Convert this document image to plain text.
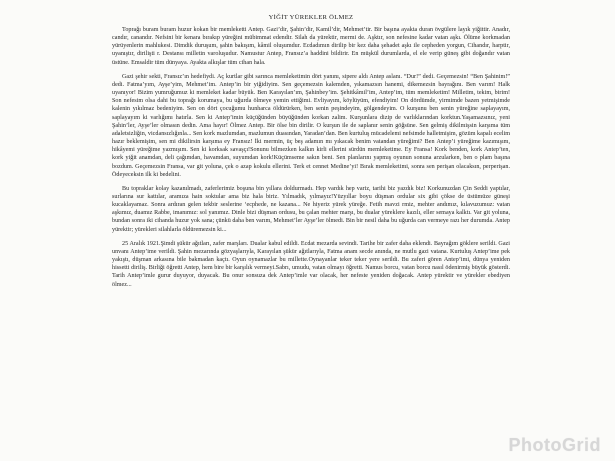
YİĞİT YÜREKLER ÖLMEZ

Toprağı buram buram huzur kokan bir memleketti Antep. Gazi’dir, Şahin’dir, Kamil’dir, Mehmet’tir. Bir başına ayakta duran övgülere layık yiğittir. Anadır, candır, canandır. Nefsini bir kenara bırakıp yüreğini mübimmat edendir. Silah da yürektir, mermi de. Aşktır, son nefesine kadar vatan aşkı. Ölüme korkmadan yürüyenlerin mahlukesi. Dimdik duruşum, şahin bakışım, kâmil oluşumdur. Ecdadımın dirilip bir kez daha şehadet aşkı ile cepheden yorgun, Cihandır, harptir, uyanıştır, dirilişti r. Destansı milletin varoluşudur. Namustur Antep, Fransız’a haddini bildirir. En müşkül durumlarda, el ele verip güneş gibi doğandır vatan üstüne. Emsaldir tüm dünyaya. Ayakta alkışlar tüm cihan hala.

Gazi şehir sekti, Fransız’ın hedefiydi. Aç kurtlar gibi sarınca memleketimin dört yanını, sipere aldı Antep aslanı. “Dur!” dedi. Geçemezsin! “Ben Şahinim!” dedi. Fatma’yım, Ayşe’yim, Mehmet’im. Antep’in bir yiğidiyim. Sen geçemezsin kalemden, yıkamazsın hanemi, dikemezsin bayrağını. Ben varım! Halk uyanıyor! Bizim yumruğumuz ki memleket kadar büyük. Ben Karayılan’ım, Şahinbey’im. Şehitkâmil’im, Antep’im, tüm memleketim! Milletim, tekim, birim! Son nefesim olsa dahi bu toprağı korumaya, bu uğurda ölmeye yemin ettiğimi. Evliyayım, köylüyüm, efendiyim! On dördümde, yirmimde bazen yetmişimde kalenin yıkılmaz bedeniyim. Sen on dört çocuğumu hunharca öldürürken, ben senin peşindeyim, gölgendeyim. O kurşunu ben senin yüreğine saplayayım, saplayayım ki varlığımı hatırla. Sen ki Antep’imin küçüğünden büyüğünden korkan zalim. Kurşunlara dizip de varlıklarından korktun.Yaşamazsınız, yeni Şahin’ler, Ayşe’ler olmasın dedin. Ama hayır! Ölmez Antep. Bir ölse bin dirilir. O kurşun ile de saplanır senin göğsüne. Sen gelmiş dikilmişsin karşıma tüm adaletsizliğin, vicdansızlığınla... Sen kork mazlumdan, mazlumun duasından, Yaradan’dan. Ben kurtuluş mücadelemi nefsimde halletmişim, gözüm kapalı ecelim hazır beklemişim, sen mi dikilirsin karşıma ey Fransız! İki mermin, üç beş adamın mı yıkacak benim vatandan yüreğimi? Ben Antep’i yüreğime kazımışım, hikâyemi yüreğime yazmışım. Sen ki korksak savaşçı!Sonunu bilmezken kalkın kirli ellerini sürdün memleketime. Ey Fransa! Kork benden, kork Antep’ten, kork yiğit anamdan, deli çağımdan, havamdan, suyumdan kork!Küçümseme sakın beni. Sen planlarını yapmış oyunun sonuna arzularken, ben o plam başına bozdum. Geçemezsin Fransa, var git yoluna, çek o azap kokulu ellerini. Terk et cennet Medine’yi! Bırak memleketimi, sonra sen perişan olacaksın, perperişan. Ödeyeceksin ilk ki bedelini.

Bu topraklar kolay kazanılmadı, zaferlerimiz boşuna bin yıllara doldurmadı. Hep vardık hep variz, tarihi biz yazdık biz! Korkunuzdan Çin Seddi yaptılar, surlarına sur kattılar, aramıza hain soktular ama biz hala biriz. Yılmadık, yılmayız!Yüzyıllar boyu düşman ordular six gibi çökse de üstümüze güneşi kucaklayamaz. Sonra ardıran gelen tekbir seslerine ‘ecphede, ne kazana... Ne hiyeriz yürek yüreğe. Fetih mavzi rmiz, mehter andımız, kılavuzumuz: vatan aşkımız, duamız Rabbe, imanımız: sol yanımız. Dinle bizi düşman ordusu, bu çalan mehter marşı, bu dualar yüreklere kazılı, eller semaya kalktı. Var git yoluna, bundan sonra iki cihanda huzur yok sana; çünkü daha ben varım, Mehmet’ler Ayşe’ler ölmedi. Bin bir nesil daha bu uğurda can vermeye razı her durumda. Antep yürektir; yürekleri silahlarla öldüremezsin ki...

25 Aralık 1921.Şimdi şükür ağıtları, zafer marşları. Dualar kabul edildi. Ecdat mezarda sevindi. Tarihe bir zafer daha eklendi. Bayrağım göklere serildi. Gazi unvanı Antep’ime verildi. Şahin mezarında gözyaşlarıyla, Karayılan şükür ağıtlarıyla, Fatma anam secde anında, ne mutlu gazi vatana. Kurtuluş Antep’ime pek yakıştı, düşman arkasına bile bakmadan kaçtı. Oyun oynamazlar bu millette.Oynayanlar teker teker yere serildi. Bu zaferi gören Antep’imi, dünya yeniden hissetti diriliş. Birliği öğretti Antep, hem bire bir karşılık vermeyi.Sabrı, umudu, vatan olmayı öğretti. Namus borcu, vatan borcu nasıl ödenirmiş büyük gösterdi. Tarih Antep’imle gurur duyuyor, duyacak. Bu onur sonsuza dek Antep’imle var olacak, her nefeste yeniden doğacak. Antep yürektir ve yürekler ebediyen ölmez...

PhotoGrid
